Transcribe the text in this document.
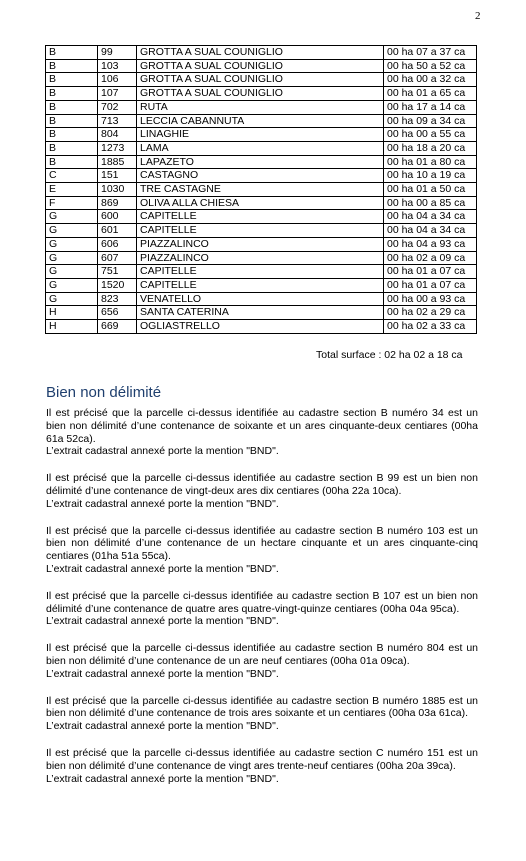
2
B	99	GROTTA A SUAL COUNIGLIO	00 ha 07 a 37 ca
B	103	GROTTA A SUAL COUNIGLIO	00 ha 50 a 52 ca
B	106	GROTTA A SUAL COUNIGLIO	00 ha 00 a 32 ca
B	107	GROTTA A SUAL COUNIGLIO	00 ha 01 a 65 ca
B	702	RUTA	00 ha 17 a 14 ca
B	713	LECCIA CABANNUTA	00 ha 09 a 34 ca
B	804	LINAGHIE	00 ha 00 a 55 ca
B	1273	LAMA	00 ha 18 a 20 ca
B	1885	LAPAZETO	00 ha 01 a 80 ca
C	151	CASTAGNO	00 ha 10 a 19 ca
E	1030	TRE CASTAGNE	00 ha 01 a 50 ca
F	869	OLIVA ALLA CHIESA	00 ha 00 a 85 ca
G	600	CAPITELLE	00 ha 04 a 34 ca
G	601	CAPITELLE	00 ha 04 a 34 ca
G	606	PIAZZALINCO	00 ha 04 a 93 ca
G	607	PIAZZALINCO	00 ha 02 a 09 ca
G	751	CAPITELLE	00 ha 01 a 07 ca
G	1520	CAPITELLE	00 ha 01 a 07 ca
G	823	VENATELLO	00 ha 00 a 93 ca
H	656	SANTA CATERINA	00 ha 02 a 29 ca
H	669	OGLIASTRELLO	00 ha 02 a 33 ca
Total surface : 02 ha 02 a 18 ca
Bien non délimité

Il est précisé que la parcelle ci-dessus identifiée au cadastre section B numéro 34 est un bien non délimité d’une contenance de soixante et un ares cinquante-deux centiares (00ha 61a 52ca).
L’extrait cadastral annexé porte la mention "BND".

Il est précisé que la parcelle ci-dessus identifiée au cadastre section B 99 est un bien non délimité d’une contenance de vingt-deux ares dix centiares (00ha 22a 10ca).
L’extrait cadastral annexé porte la mention "BND".

Il est précisé que la parcelle ci-dessus identifiée au cadastre section B numéro 103 est un bien non délimité d’une contenance de un hectare cinquante et un ares cinquante-cinq centiares (01ha 51a 55ca).
L’extrait cadastral annexé porte la mention "BND".

Il est précisé que la parcelle ci-dessus identifiée au cadastre section B 107 est un bien non délimité d’une contenance de quatre ares quatre-vingt-quinze centiares (00ha 04a 95ca).
L’extrait cadastral annexé porte la mention "BND".

Il est précisé que la parcelle ci-dessus identifiée au cadastre section B numéro 804 est un bien non délimité d’une contenance de un are neuf centiares (00ha 01a 09ca).
L’extrait cadastral annexé porte la mention "BND".

Il est précisé que la parcelle ci-dessus identifiée au cadastre section B numéro 1885 est un bien non délimité d’une contenance de trois ares soixante et un centiares (00ha 03a 61ca).
L’extrait cadastral annexé porte la mention "BND".

Il est précisé que la parcelle ci-dessus identifiée au cadastre section C numéro 151 est un bien non délimité d’une contenance de vingt ares trente-neuf centiares (00ha 20a 39ca).
L’extrait cadastral annexé porte la mention "BND".
